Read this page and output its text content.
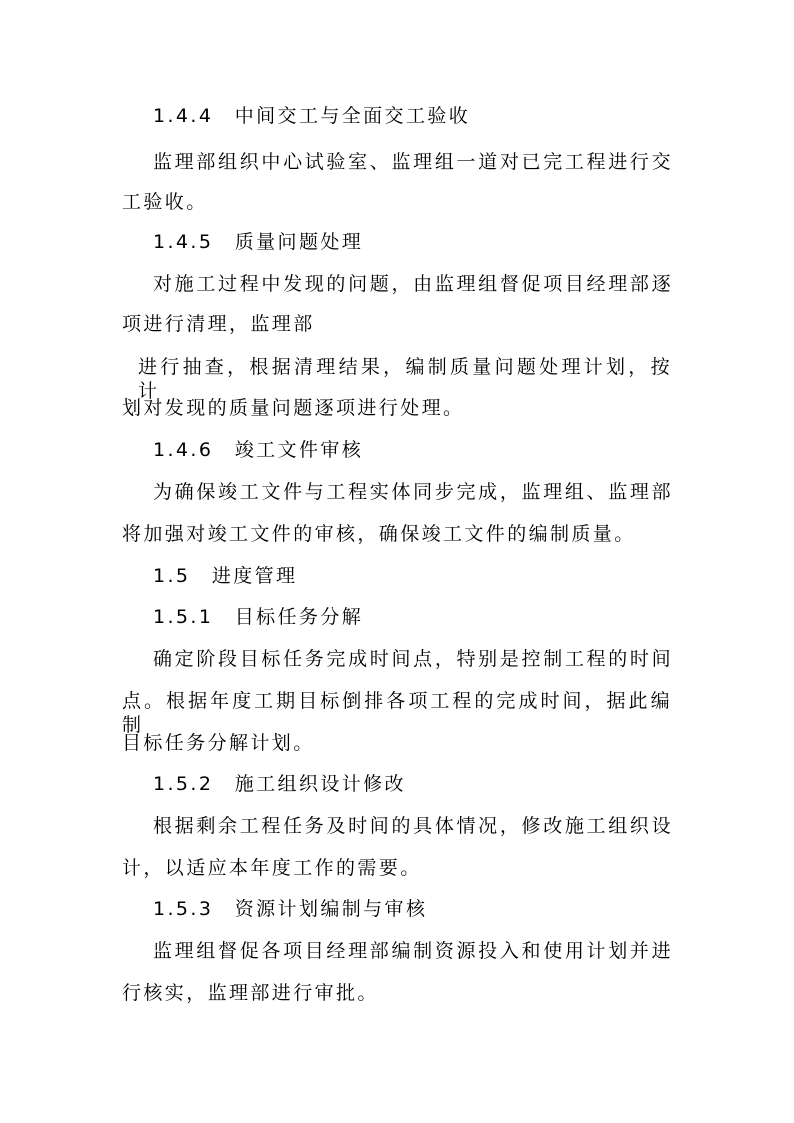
1.4.4　中间交工与全面交工验收
监理部组织中心试验室、监理组一道对已完工程进行交
工验收。
1.4.5　质量问题处理
对施工过程中发现的问题，由监理组督促项目经理部逐
项进行清理，监理部
进行抽查，根据清理结果，编制质量问题处理计划，按计
划对发现的质量问题逐项进行处理。
1.4.6　竣工文件审核
为确保竣工文件与工程实体同步完成，监理组、监理部
将加强对竣工文件的审核，确保竣工文件的编制质量。
1.5　进度管理
1.5.1　目标任务分解
确定阶段目标任务完成时间点，特别是控制工程的时间
点。根据年度工期目标倒排各项工程的完成时间，据此编制
目标任务分解计划。
1.5.2　施工组织设计修改
根据剩余工程任务及时间的具体情况，修改施工组织设
计，以适应本年度工作的需要。
1.5.3　资源计划编制与审核
监理组督促各项目经理部编制资源投入和使用计划并进
行核实，监理部进行审批。
